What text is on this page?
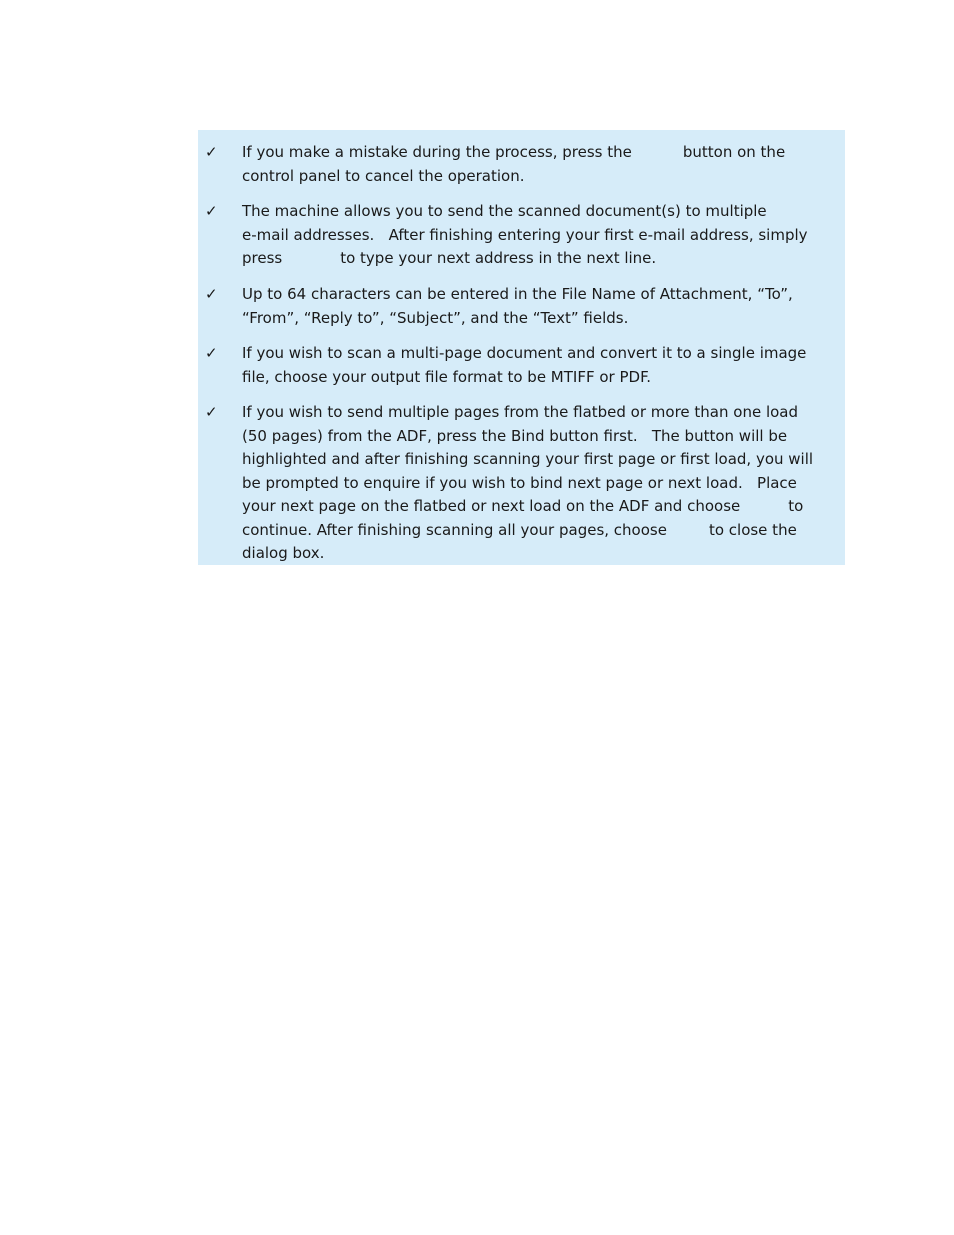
✓ If you make a mistake during the process, press the	button on the
control panel to cancel the operation.
✓ The machine allows you to send the scanned document(s) to multiple
e-mail addresses.   After finishing entering your first e-mail address, simply
press	to type your next address in the next line.
✓ Up to 64 characters can be entered in the File Name of Attachment, “To”,
“From”, “Reply to”, “Subject”, and the “Text” fields.
✓ If you wish to scan a multi-page document and convert it to a single image
file, choose your output file format to be MTIFF or PDF.
✓ If you wish to send multiple pages from the flatbed or more than one load
(50 pages) from the ADF, press the Bind button first.   The button will be
highlighted and after finishing scanning your first page or first load, you will
be prompted to enquire if you wish to bind next page or next load.   Place
your next page on the flatbed or next load on the ADF and choose	to
continue. After finishing scanning all your pages, choose	to close the
dialog box.
